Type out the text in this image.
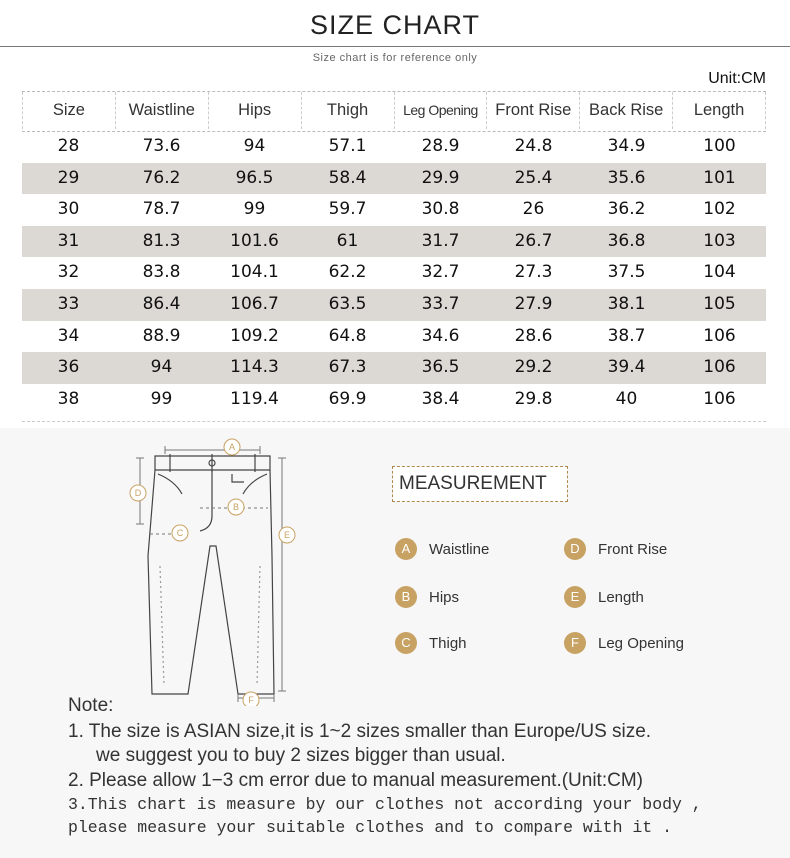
SIZE CHART
Size chart is for reference only
Unit:CM
Size	Waistline	Hips	Thigh	Leg Opening	Front Rise	Back Rise	Length
28	73.6	94	57.1	28.9	24.8	34.9	100
29	76.2	96.5	58.4	29.9	25.4	35.6	101
30	78.7	99	59.7	30.8	26	36.2	102
31	81.3	101.6	61	31.7	26.7	36.8	103
32	83.8	104.1	62.2	32.7	27.3	37.5	104
33	86.4	106.7	63.5	33.7	27.9	38.1	105
34	88.9	109.2	64.8	34.6	28.6	38.7	106
36	94	114.3	67.3	36.5	29.2	39.4	106
38	99	119.4	69.9	38.4	29.8	40	106
A
B
C
D
E
F
MEASUREMENT
A	Waistline	D	Front Rise
B	Hips	E	Length
C	Thigh	F	Leg Opening
Note:
1. The size is ASIAN size,it is 1~2 sizes smaller than Europe/US size.
we suggest you to buy 2 sizes bigger than usual.
2. Please allow 1−3 cm error due to manual measurement.(Unit:CM)
3.This chart is measure by our clothes not according your body ,
please measure your suitable clothes and to compare with it .
